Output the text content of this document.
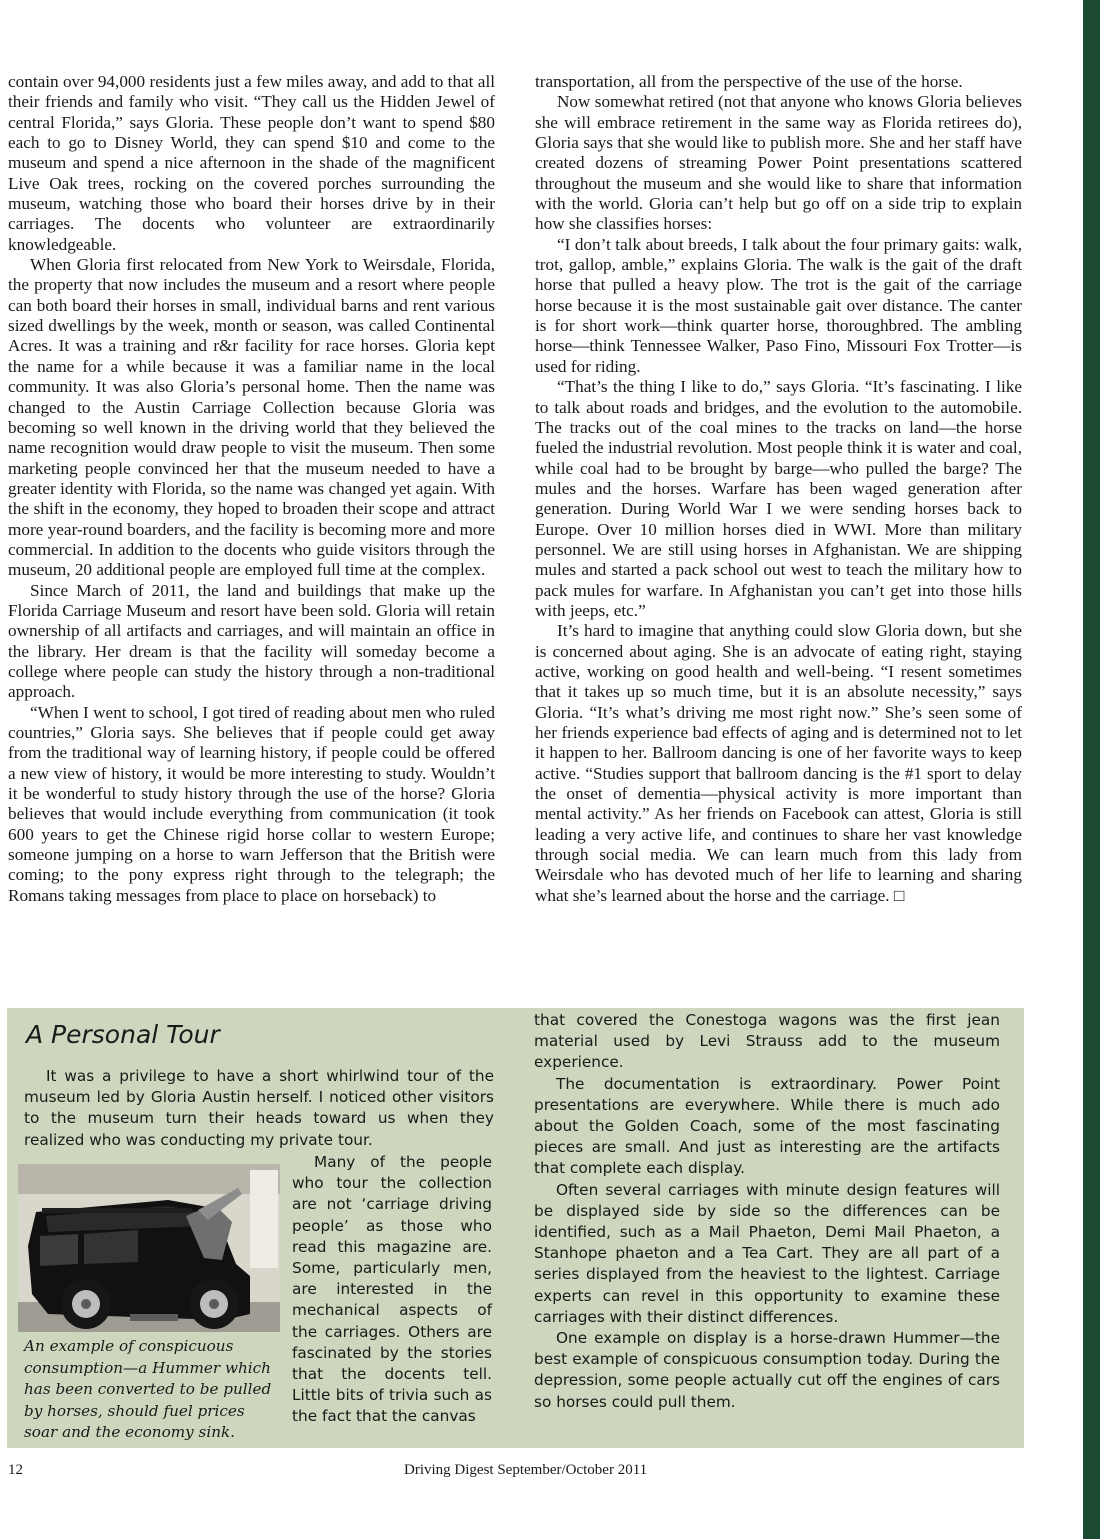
contain over 94,000 residents just a few miles away, and add to that all their friends and family who visit. “They call us the Hidden Jewel of central Florida,” says Gloria. These people don’t want to spend $80 each to go to Disney World, they can spend $10 and come to the museum and spend a nice afternoon in the shade of the magnificent Live Oak trees, rocking on the covered porches surrounding the museum, watching those who board their horses drive by in their carriages. The docents who volunteer are extraordinarily knowledgeable.

When Gloria first relocated from New York to Weirsdale, Florida, the property that now includes the museum and a resort where people can both board their horses in small, individual barns and rent various sized dwellings by the week, month or season, was called Continental Acres. It was a training and r&r facility for race horses. Gloria kept the name for a while because it was a familiar name in the local community. It was also Gloria’s personal home. Then the name was changed to the Austin Carriage Collection because Gloria was becoming so well known in the driving world that they believed the name recognition would draw people to visit the museum. Then some marketing people convinced her that the museum needed to have a greater identity with Florida, so the name was changed yet again. With the shift in the economy, they hoped to broaden their scope and attract more year-round boarders, and the facility is becoming more and more commercial. In addition to the docents who guide visitors through the museum, 20 additional people are employed full time at the complex.

Since March of 2011, the land and buildings that make up the Florida Carriage Museum and resort have been sold. Gloria will retain ownership of all artifacts and carriages, and will maintain an office in the library. Her dream is that the facility will someday become a college where people can study the history through a non-traditional approach.

“When I went to school, I got tired of reading about men who ruled countries,” Gloria says. She believes that if people could get away from the traditional way of learning history, if people could be offered a new view of history, it would be more interesting to study. Wouldn’t it be wonderful to study history through the use of the horse? Gloria believes that would include everything from communication (it took 600 years to get the Chinese rigid horse collar to western Europe; someone jumping on a horse to warn Jefferson that the British were coming; to the pony express right through to the telegraph; the Romans taking messages from place to place on horseback) to

transportation, all from the perspective of the use of the horse.

Now somewhat retired (not that anyone who knows Gloria believes she will embrace retirement in the same way as Florida retirees do), Gloria says that she would like to publish more. She and her staff have created dozens of streaming Power Point presentations scattered throughout the museum and she would like to share that information with the world. Gloria can’t help but go off on a side trip to explain how she classifies horses:

“I don’t talk about breeds, I talk about the four primary gaits: walk, trot, gallop, amble,” explains Gloria. The walk is the gait of the draft horse that pulled a heavy plow. The trot is the gait of the carriage horse because it is the most sustainable gait over distance. The canter is for short work—think quarter horse, thoroughbred. The ambling horse—think Tennessee Walker, Paso Fino, Missouri Fox Trotter—is used for riding.

“That’s the thing I like to do,” says Gloria. “It’s fascinating. I like to talk about roads and bridges, and the evolution to the automobile. The tracks out of the coal mines to the tracks on land—the horse fueled the industrial revolution. Most people think it is water and coal, while coal had to be brought by barge—who pulled the barge? The mules and the horses. Warfare has been waged generation after generation. During World War I we were sending horses back to Europe. Over 10 million horses died in WWI. More than military personnel. We are still using horses in Afghanistan. We are shipping mules and started a pack school out west to teach the military how to pack mules for warfare. In Afghanistan you can’t get into those hills with jeeps, etc.”

It’s hard to imagine that anything could slow Gloria down, but she is concerned about aging. She is an advocate of eating right, staying active, working on good health and well-being. “I resent sometimes that it takes up so much time, but it is an absolute necessity,” says Gloria. “It’s what’s driving me most right now.” She’s seen some of her friends experience bad effects of aging and is determined not to let it happen to her. Ballroom dancing is one of her favorite ways to keep active. “Studies support that ballroom dancing is the #1 sport to delay the onset of dementia—physical activity is more important than mental activity.” As her friends on Facebook can attest, Gloria is still leading a very active life, and continues to share her vast knowledge through social media. We can learn much from this lady from Weirsdale who has devoted much of her life to learning and sharing what she’s learned about the horse and the carriage. □

A Personal Tour

It was a privilege to have a short whirlwind tour of the museum led by Gloria Austin herself. I noticed other visitors to the museum turn their heads toward us when they realized who was conducting my private tour.

An example of conspicuous consumption—a Hummer which has been converted to be pulled by horses, should fuel prices soar and the economy sink.

Many of the people who tour the collection are not ‘carriage driving people’ as those who read this magazine are. Some, particularly men, are interested in the mechanical aspects of the carriages. Others are fascinated by the stories that the docents tell. Little bits of trivia such as the fact that the canvas

that covered the Conestoga wagons was the first jean material used by Levi Strauss add to the museum experience.

The documentation is extraordinary. Power Point presentations are everywhere. While there is much ado about the Golden Coach, some of the most fascinating pieces are small. And just as interesting are the artifacts that complete each display.

Often several carriages with minute design features will be displayed side by side so the differences can be identified, such as a Mail Phaeton, Demi Mail Phaeton, a Stanhope phaeton and a Tea Cart. They are all part of a series displayed from the heaviest to the lightest. Carriage experts can revel in this opportunity to examine these carriages with their distinct differences.

One example on display is a horse-drawn Hummer—the best example of conspicuous consumption today. During the depression, some people actually cut off the engines of cars so horses could pull them.

12	Driving Digest September/October 2011
